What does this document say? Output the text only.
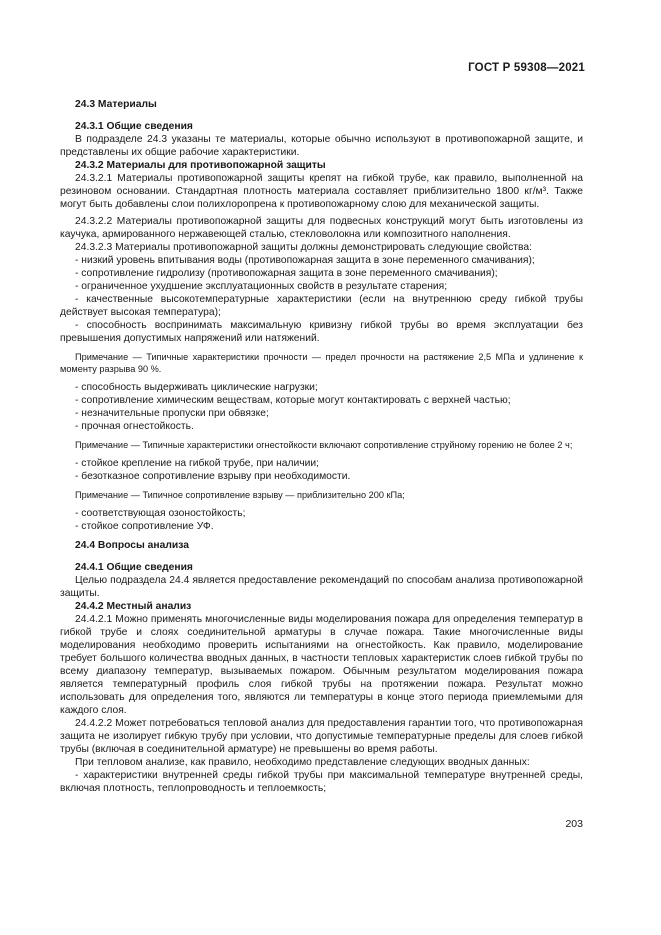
ГОСТ Р 59308—2021

24.3 Материалы

24.3.1 Общие сведения

В подразделе 24.3 указаны те материалы, которые обычно используют в противопожарной защите, и представлены их общие рабочие характеристики.

24.3.2 Материалы для противопожарной защиты

24.3.2.1 Материалы противопожарной защиты крепят на гибкой трубе, как правило, выполненной на резиновом основании. Стандартная плотность материала составляет приблизительно 1800 кг/м³. Также могут быть добавлены слои полихлоропрена к противопожарному слою для механической защиты.

24.3.2.2 Материалы противопожарной защиты для подвесных конструкций могут быть изготовлены из каучука, армированного нержавеющей сталью, стекловолокна или композитного наполнения.

24.3.2.3 Материалы противопожарной защиты должны демонстрировать следующие свойства:

- низкий уровень впитывания воды (противопожарная защита в зоне переменного смачивания);

- сопротивление гидролизу (противопожарная защита в зоне переменного смачивания);

- ограниченное ухудшение эксплуатационных свойств в результате старения;

- качественные высокотемпературные характеристики (если на внутреннюю среду гибкой трубы действует высокая температура);

- способность воспринимать максимальную кривизну гибкой трубы во время эксплуатации без превышения допустимых напряжений или натяжений.

Примечание — Типичные характеристики прочности — предел прочности на растяжение 2,5 МПа и удлинение к моменту разрыва 90 %.

- способность выдерживать циклические нагрузки;

- сопротивление химическим веществам, которые могут контактировать с верхней частью;

- незначительные пропуски при обвязке;

- прочная огнестойкость.

Примечание — Типичные характеристики огнестойкости включают сопротивление струйному горению не более 2 ч;

- стойкое крепление на гибкой трубе, при наличии;

- безотказное сопротивление взрыву при необходимости.

Примечание — Типичное сопротивление взрыву — приблизительно 200 кПа;

- соответствующая озоностойкость;

- стойкое сопротивление УФ.

24.4 Вопросы анализа

24.4.1 Общие сведения

Целью подраздела 24.4 является предоставление рекомендаций по способам анализа противопожарной защиты.

24.4.2 Местный анализ

24.4.2.1 Можно применять многочисленные виды моделирования пожара для определения температур в гибкой трубе и слоях соединительной арматуры в случае пожара. Такие многочисленные виды моделирования необходимо проверить испытаниями на огнестойкость. Как правило, моделирование требует большого количества вводных данных, в частности тепловых характеристик слоев гибкой трубы по всему диапазону температур, вызываемых пожаром. Обычным результатом моделирования пожара является температурный профиль слоя гибкой трубы на протяжении пожара. Результат можно использовать для определения того, являются ли температуры в конце этого периода приемлемыми для каждого слоя.

24.4.2.2 Может потребоваться тепловой анализ для предоставления гарантии того, что противопожарная защита не изолирует гибкую трубу при условии, что допустимые температурные пределы для слоев гибкой трубы (включая в соединительной арматуре) не превышены во время работы.

При тепловом анализе, как правило, необходимо представление следующих вводных данных:

- характеристики внутренней среды гибкой трубы при максимальной температуре внутренней среды, включая плотность, теплопроводность и теплоемкость;

203
